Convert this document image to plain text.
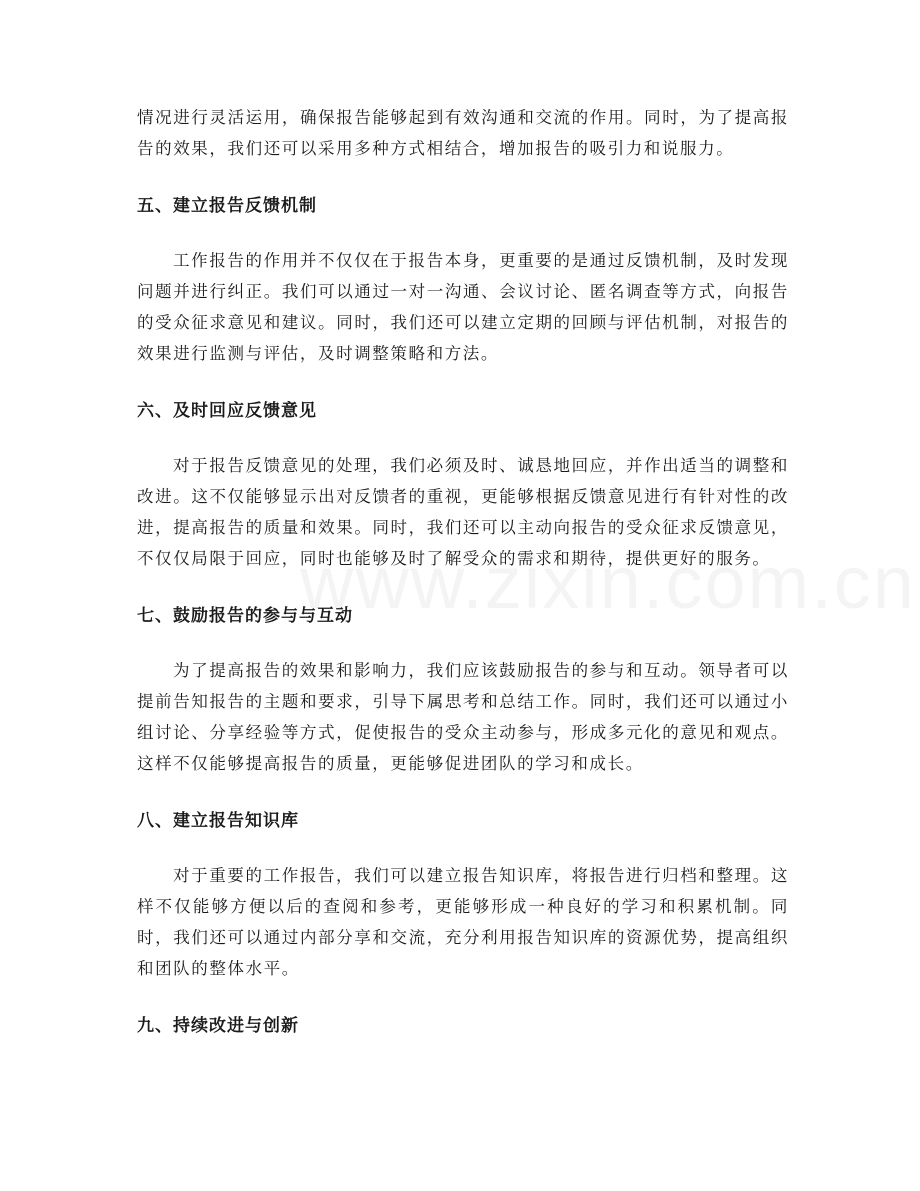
情况进行灵活运用，确保报告能够起到有效沟通和交流的作用。同时，为了提高报告的效果，我们还可以采用多种方式相结合，增加报告的吸引力和说服力。

五、建立报告反馈机制

工作报告的作用并不仅仅在于报告本身，更重要的是通过反馈机制，及时发现问题并进行纠正。我们可以通过一对一沟通、会议讨论、匿名调查等方式，向报告的受众征求意见和建议。同时，我们还可以建立定期的回顾与评估机制，对报告的效果进行监测与评估，及时调整策略和方法。

六、及时回应反馈意见

对于报告反馈意见的处理，我们必须及时、诚恳地回应，并作出适当的调整和改进。这不仅能够显示出对反馈者的重视，更能够根据反馈意见进行有针对性的改进，提高报告的质量和效果。同时，我们还可以主动向报告的受众征求反馈意见，不仅仅局限于回应，同时也能够及时了解受众的需求和期待，提供更好的服务。

七、鼓励报告的参与与互动

为了提高报告的效果和影响力，我们应该鼓励报告的参与和互动。领导者可以提前告知报告的主题和要求，引导下属思考和总结工作。同时，我们还可以通过小组讨论、分享经验等方式，促使报告的受众主动参与，形成多元化的意见和观点。这样不仅能够提高报告的质量，更能够促进团队的学习和成长。

八、建立报告知识库

对于重要的工作报告，我们可以建立报告知识库，将报告进行归档和整理。这样不仅能够方便以后的查阅和参考，更能够形成一种良好的学习和积累机制。同时，我们还可以通过内部分享和交流，充分利用报告知识库的资源优势，提高组织和团队的整体水平。

九、持续改进与创新
